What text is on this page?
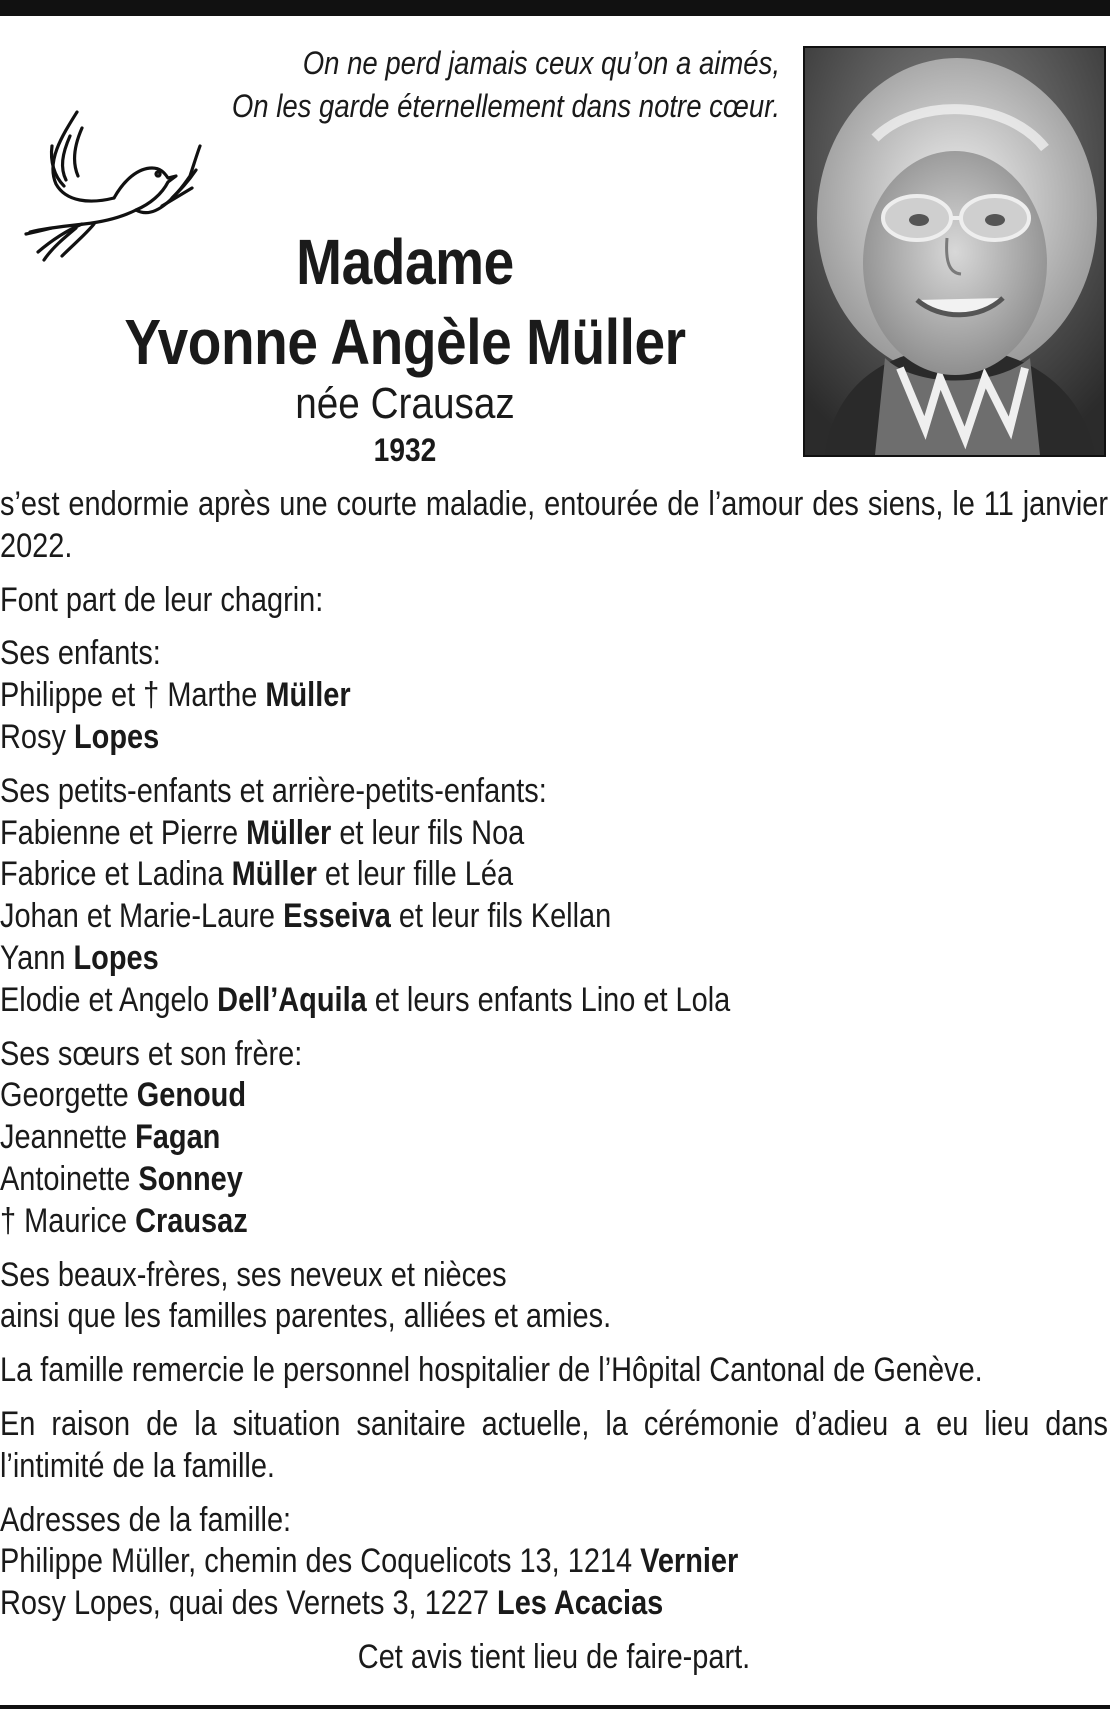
On ne perd jamais ceux qu’on a aimés,
On les garde éternellement dans notre cœur.
Madame
Yvonne Angèle Müller
née Crausaz
1932

s’est endormie après une courte maladie, entourée de l’amour des siens, le 11 janvier 2022.

Font part de leur chagrin:

Ses enfants:
Philippe et † Marthe Müller
Rosy Lopes
Ses petits-enfants et arrière-petits-enfants:
Fabienne et Pierre Müller et leur fils Noa
Fabrice et Ladina Müller et leur fille Léa
Johan et Marie-Laure Esseiva et leur fils Kellan
Yann Lopes
Elodie et Angelo Dell’Aquila et leurs enfants Lino et Lola
Ses sœurs et son frère:
Georgette Genoud
Jeannette Fagan
Antoinette Sonney
† Maurice Crausaz
Ses beaux-frères, ses neveux et nièces
ainsi que les familles parentes, alliées et amies.

La famille remercie le personnel hospitalier de l’Hôpital Cantonal de Genève.

En raison de la situation sanitaire actuelle, la cérémonie d’adieu a eu lieu dans l’intimité de la famille.

Adresses de la famille:
Philippe Müller, chemin des Coquelicots 13, 1214 Vernier
Rosy Lopes, quai des Vernets 3, 1227 Les Acacias
Cet avis tient lieu de faire-part.
